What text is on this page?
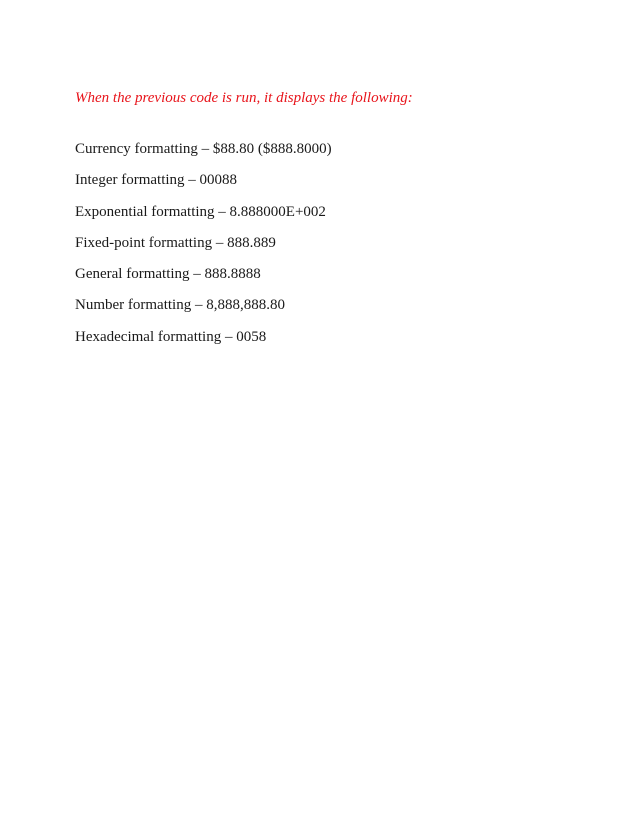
When the previous code is run, it displays the following:
Currency formatting – $88.80 ($888.8000)
Integer formatting – 00088
Exponential formatting – 8.888000E+002
Fixed-point formatting – 888.889
General formatting – 888.8888
Number formatting – 8,888,888.80
Hexadecimal formatting – 0058
